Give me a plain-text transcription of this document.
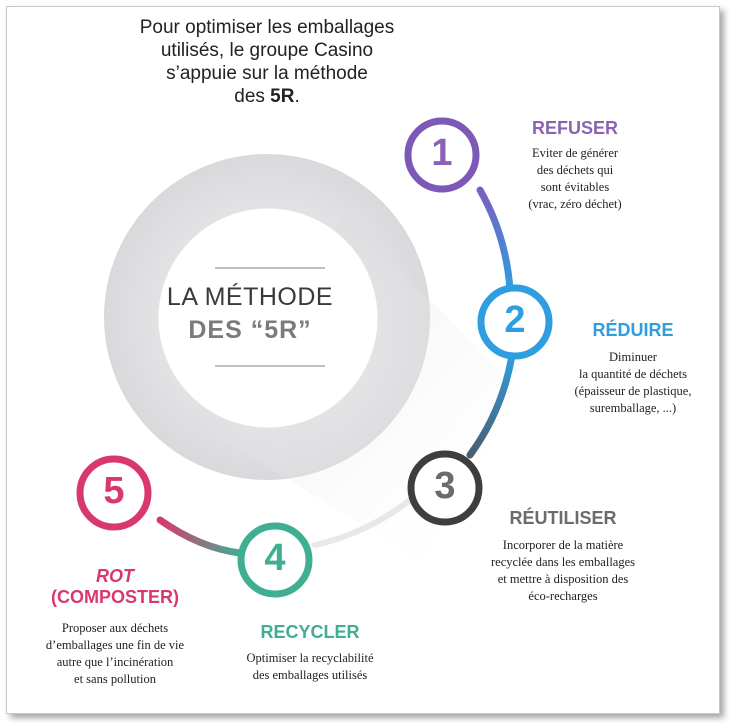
Pour optimiser les emballages
utilisés, le groupe Casino
s’appuie sur la méthode
des 5R.
LA MÉTHODE
DES “5R”
1
2
3
4
5
REFUSER
Eviter de générer
des déchets qui
sont évitables
(vrac, zéro déchet)
RÉDUIRE
Diminuer
la quantité de déchets
(épaisseur de plastique,
suremballage, ...)
RÉUTILISER
Incorporer de la matière
recyclée dans les emballages
et mettre à disposition des
éco-recharges
RECYCLER
Optimiser la recyclabilité
des emballages utilisés
ROT
(COMPOSTER)
Proposer aux déchets
d’emballages une fin de vie
autre que l’incinération
et sans pollution
